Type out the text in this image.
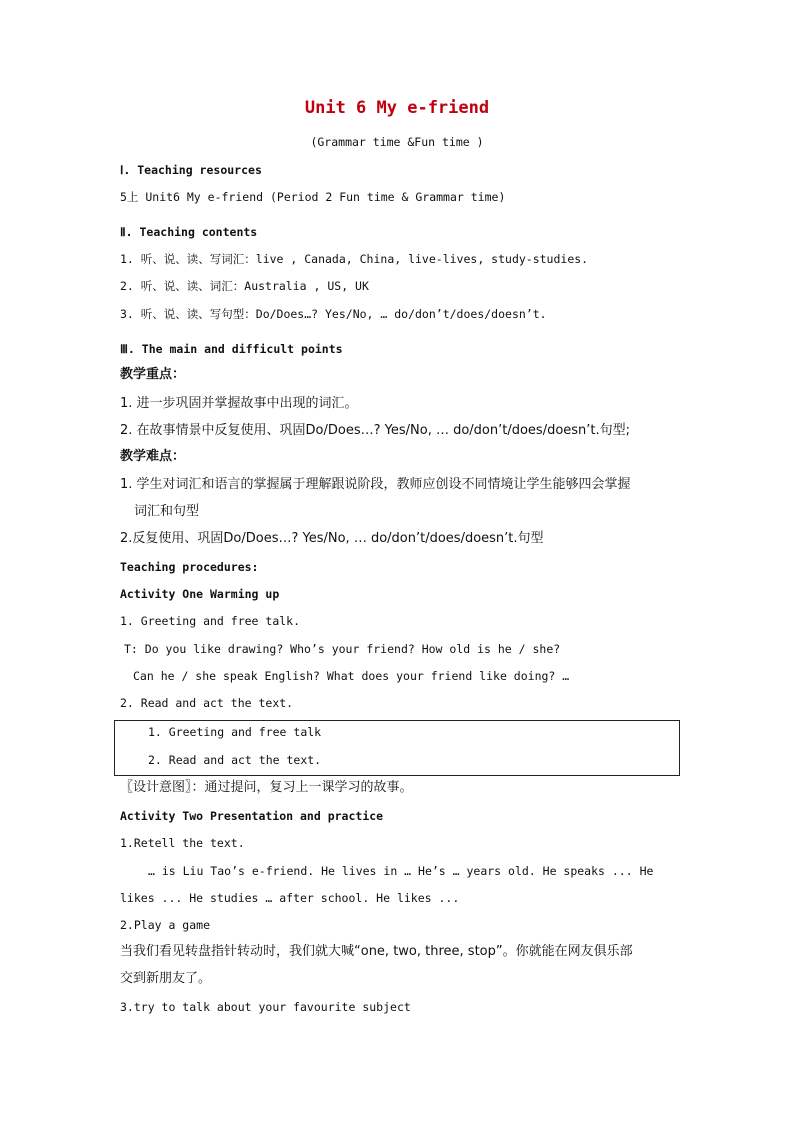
Unit 6 My e-friend
(Grammar time &Fun time )
Ⅰ. Teaching resources
5上 Unit6 My e-friend (Period 2 Fun time & Grammar time)
Ⅱ. Teaching contents
1. 听、说、读、写词汇：live , Canada, China, live-lives, study-studies.
2. 听、说、读、词汇：Australia , US, UK
3. 听、说、读、写句型：Do/Does…? Yes/No, … do/don’t/does/doesn’t.
Ⅲ. The main and difficult points
教学重点：
1. 进一步巩固并掌握故事中出现的词汇。
2. 在故事情景中反复使用、巩固Do/Does…? Yes/No, … do/don’t/does/doesn’t.句型;
教学难点：
1. 学生对词汇和语言的掌握属于理解跟说阶段，教师应创设不同情境让学生能够四会掌握
词汇和句型
2.反复使用、巩固Do/Does…? Yes/No, … do/don’t/does/doesn’t.句型
Teaching procedures:
Activity One Warming up
1. Greeting and free talk.
T: Do you like drawing? Who’s your friend? How old is he / she?
Can he / she speak English? What does your friend like doing? …
2. Read and act the text.
1. Greeting and free talk
2. Read and act the text.
〖设计意图〗：通过提问，复习上一课学习的故事。
Activity Two Presentation and practice
1.Retell the text.
… is Liu Tao’s e-friend. He lives in … He’s … years old. He speaks ... He
likes ... He studies … after school. He likes ...
2.Play a game
当我们看见转盘指针转动时，我们就大喊“one, two, three, stop”。你就能在网友俱乐部
交到新朋友了。
3.try to talk about your favourite subject
